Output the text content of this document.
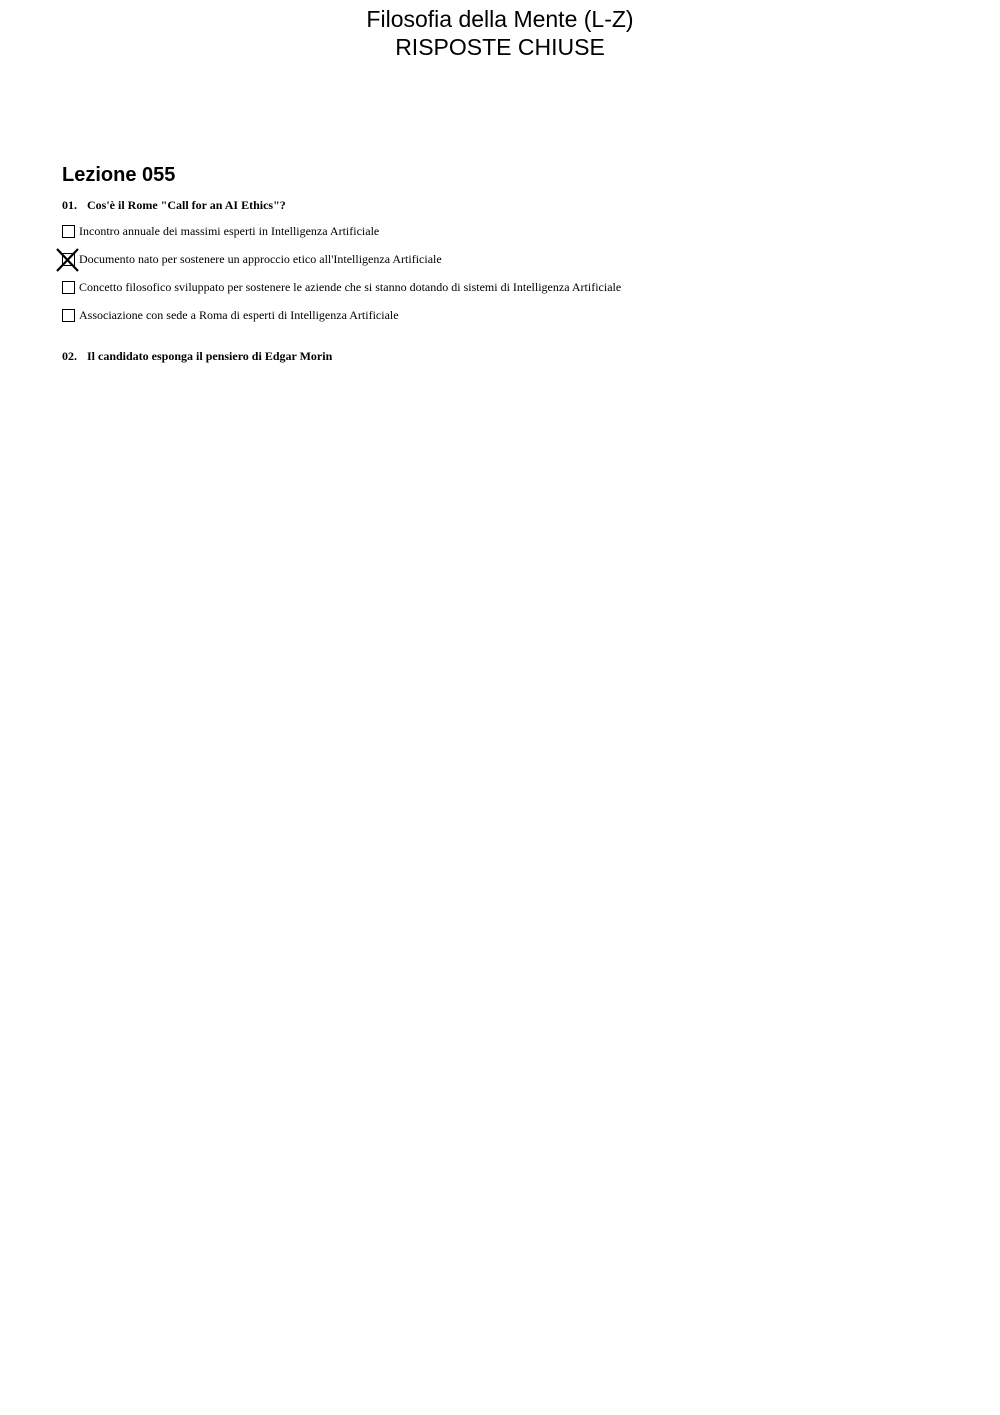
Filosofia della Mente (L-Z)
RISPOSTE CHIUSE
Lezione 055
01. Cos'è il Rome "Call for an AI Ethics"?
Incontro annuale dei massimi esperti in Intelligenza Artificiale
Documento nato per sostenere un approccio etico all'Intelligenza Artificiale
Concetto filosofico sviluppato per sostenere le aziende che si stanno dotando di sistemi di Intelligenza Artificiale
Associazione con sede a Roma di esperti di Intelligenza Artificiale
02. Il candidato esponga il pensiero di Edgar Morin
